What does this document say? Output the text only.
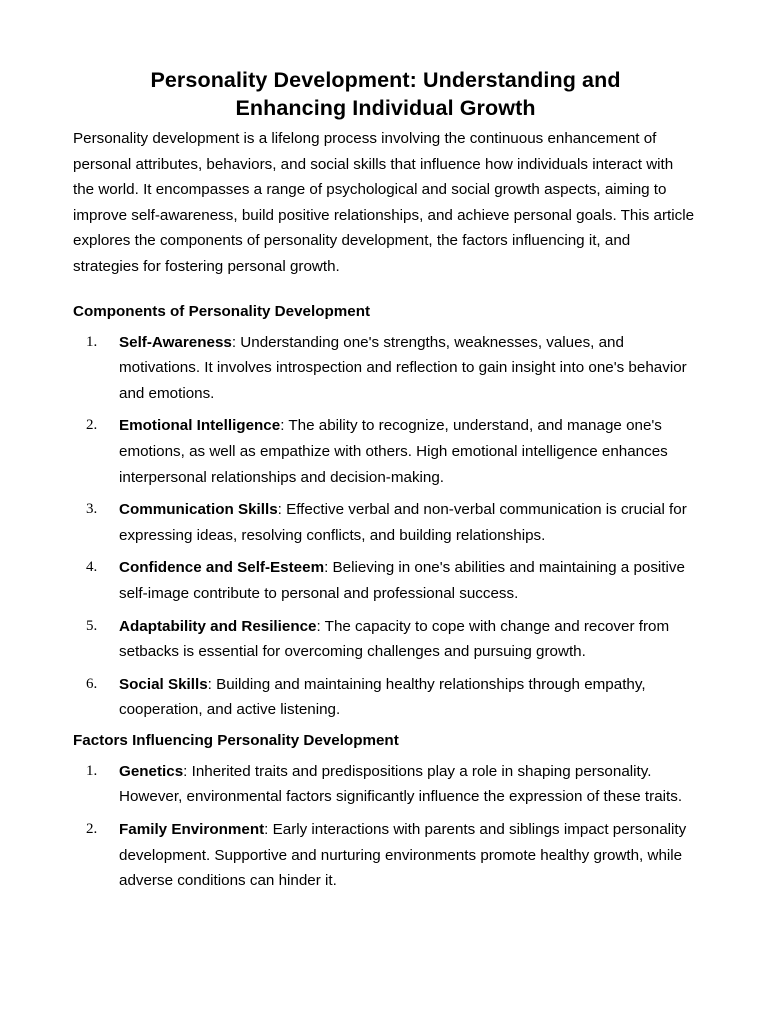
Personality Development: Understanding and
Enhancing Individual Growth

Personality development is a lifelong process involving the continuous enhancement of personal attributes, behaviors, and social skills that influence how individuals interact with the world. It encompasses a range of psychological and social growth aspects, aiming to improve self-awareness, build positive relationships, and achieve personal goals. This article explores the components of personality development, the factors influencing it, and strategies for fostering personal growth.

Components of Personality Development
1. Self-Awareness: Understanding one's strengths, weaknesses, values, and motivations. It involves introspection and reflection to gain insight into one's behavior and emotions.
2. Emotional Intelligence: The ability to recognize, understand, and manage one's emotions, as well as empathize with others. High emotional intelligence enhances interpersonal relationships and decision-making.
3. Communication Skills: Effective verbal and non-verbal communication is crucial for expressing ideas, resolving conflicts, and building relationships.
4. Confidence and Self-Esteem: Believing in one's abilities and maintaining a positive self-image contribute to personal and professional success.
5. Adaptability and Resilience: The capacity to cope with change and recover from setbacks is essential for overcoming challenges and pursuing growth.
6. Social Skills: Building and maintaining healthy relationships through empathy, cooperation, and active listening.
Factors Influencing Personality Development
1. Genetics: Inherited traits and predispositions play a role in shaping personality. However, environmental factors significantly influence the expression of these traits.
2. Family Environment: Early interactions with parents and siblings impact personality development. Supportive and nurturing environments promote healthy growth, while adverse conditions can hinder it.
